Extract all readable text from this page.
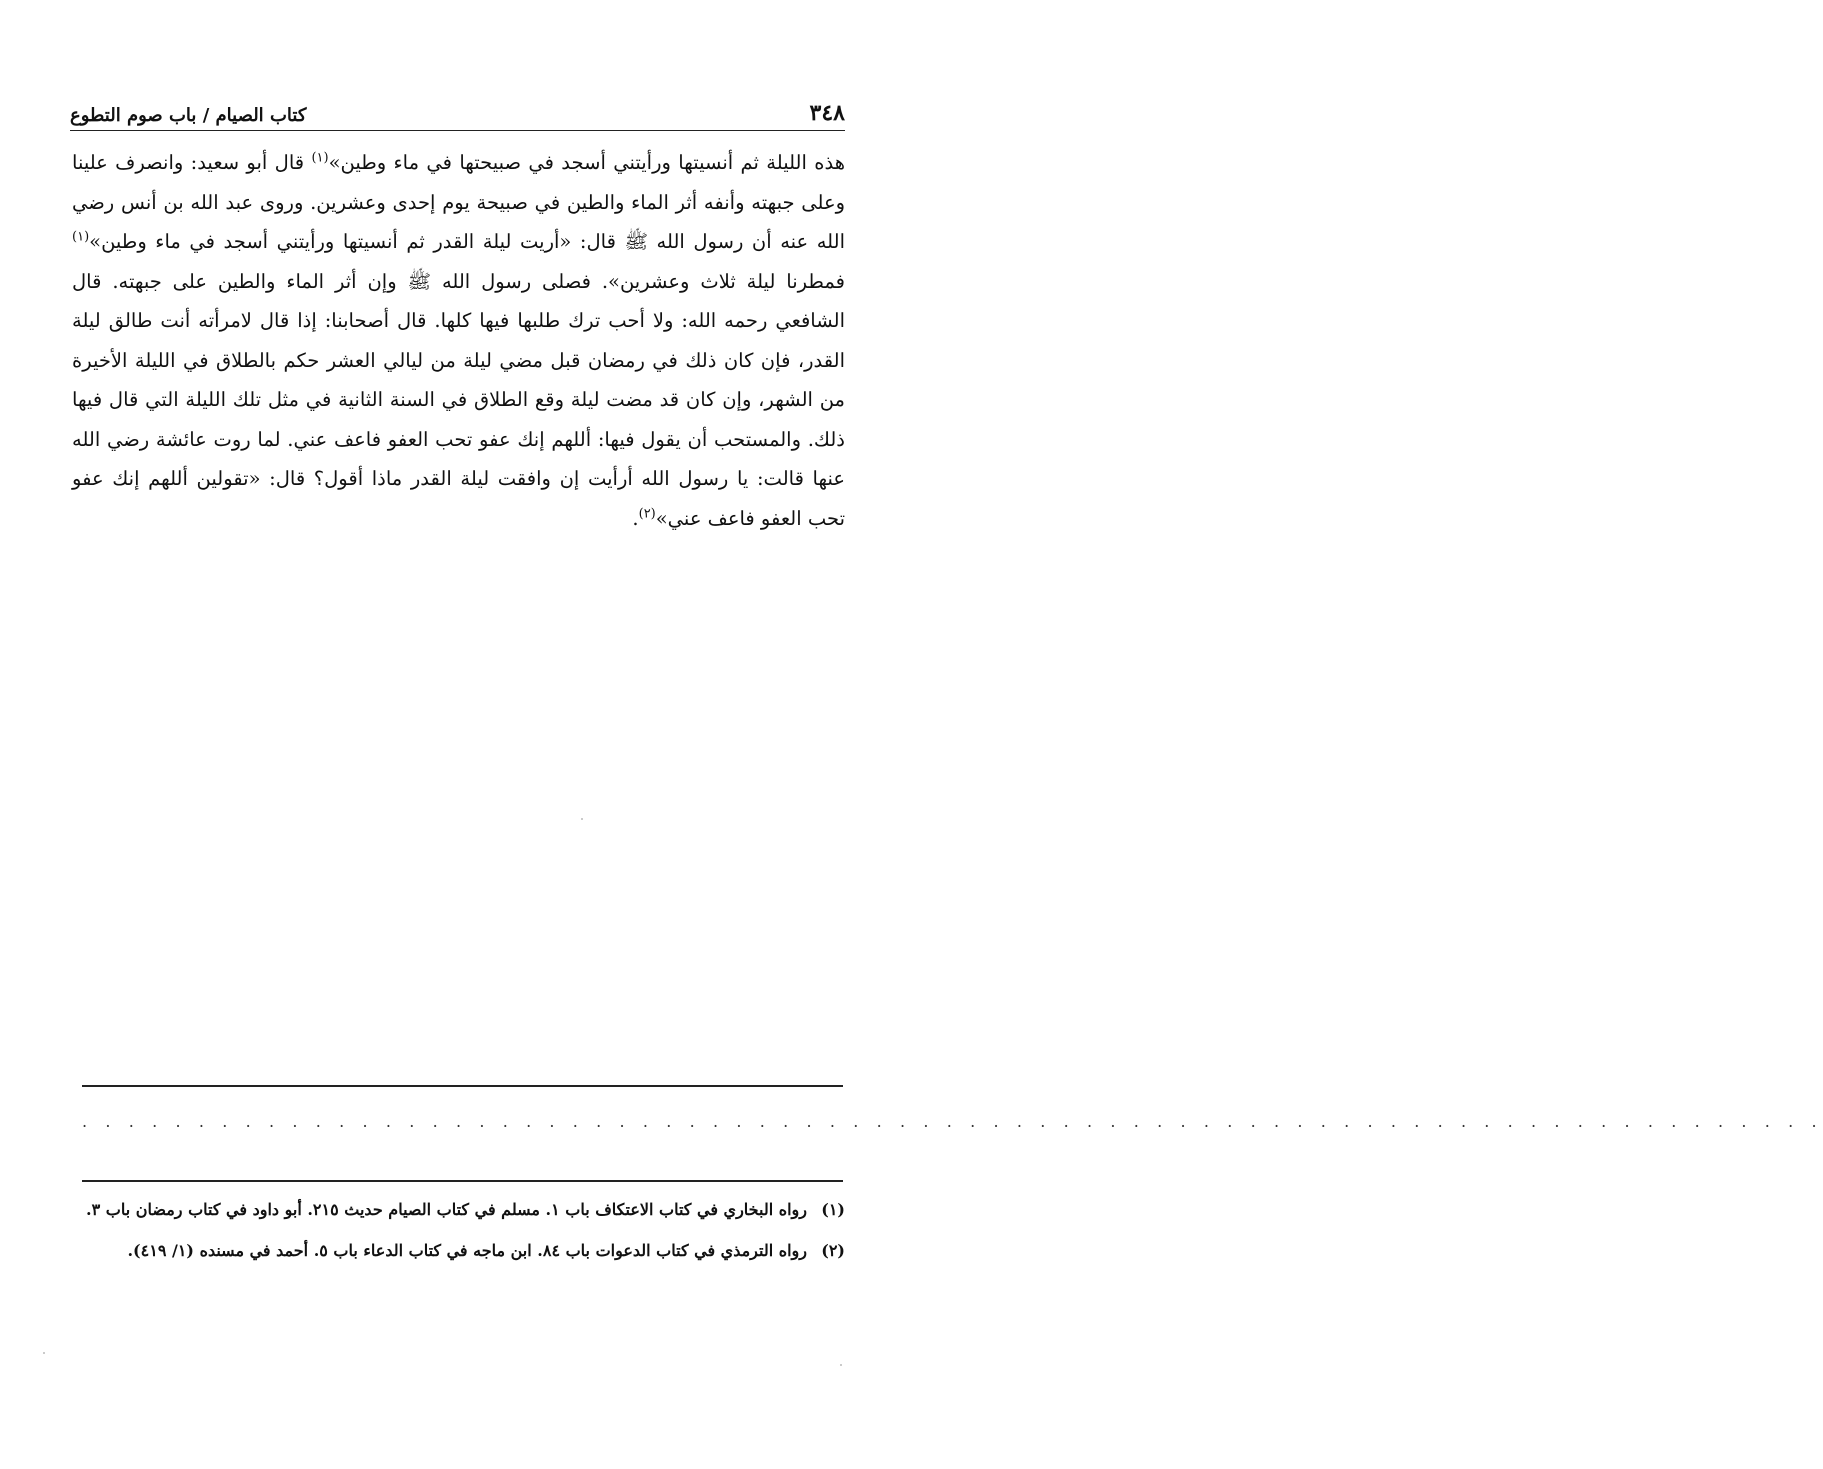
٣٤٨
كتاب الصيام / باب صوم التطوع

هذه الليلة ثم أنسيتها ورأيتني أسجد في صبيحتها في ماء وطين»$^{(١)}$ قال أبو سعيد: وانصرف علينا وعلى جبهته وأنفه أثر الماء والطين في صبيحة يوم إحدى وعشرين. وروى عبد الله بن أنس رضي الله عنه أن رسول الله ﷺ قال: «أريت ليلة القدر ثم أنسيتها ورأيتني أسجد في ماء وطين»$^{(١)}$ فمطرنا ليلة ثلاث وعشرين». فصلى رسول الله ﷺ وإن أثر الماء والطين على جبهته. قال الشافعي رحمه الله: ولا أحب ترك طلبها فيها كلها. قال أصحابنا: إذا قال لامرأته أنت طالق ليلة القدر، فإن كان ذلك في رمضان قبل مضي ليلة من ليالي العشر حكم بالطلاق في الليلة الأخيرة من الشهر، وإن كان قد مضت ليلة وقع الطلاق في السنة الثانية في مثل تلك الليلة التي قال فيها ذلك. والمستحب أن يقول فيها: أللهم إنك عفو تحب العفو فاعف عني. لما روت عائشة رضي الله عنها قالت: يا رسول الله أرأيت إن وافقت ليلة القدر ماذا أقول؟ قال: «تقولين أللهم إنك عفو تحب العفو فاعف عني»$^{(٢)}$.

. . . . . . . . . . . . . . . . . . . . . . . . . . . . . . . . . . . . . . . . . . . . . . . . . . . . . . . . . . . . . . . . . . . . . . . . . . .
(١)
رواه البخاري في كتاب الاعتكاف باب ١. مسلم في كتاب الصيام حديث ٢١٥. أبو داود في كتاب رمضان باب ٣.
(٢)
رواه الترمذي في كتاب الدعوات باب ٨٤. ابن ماجه في كتاب الدعاء باب ٥. أحمد في مسنده (١/ ٤١٩).
